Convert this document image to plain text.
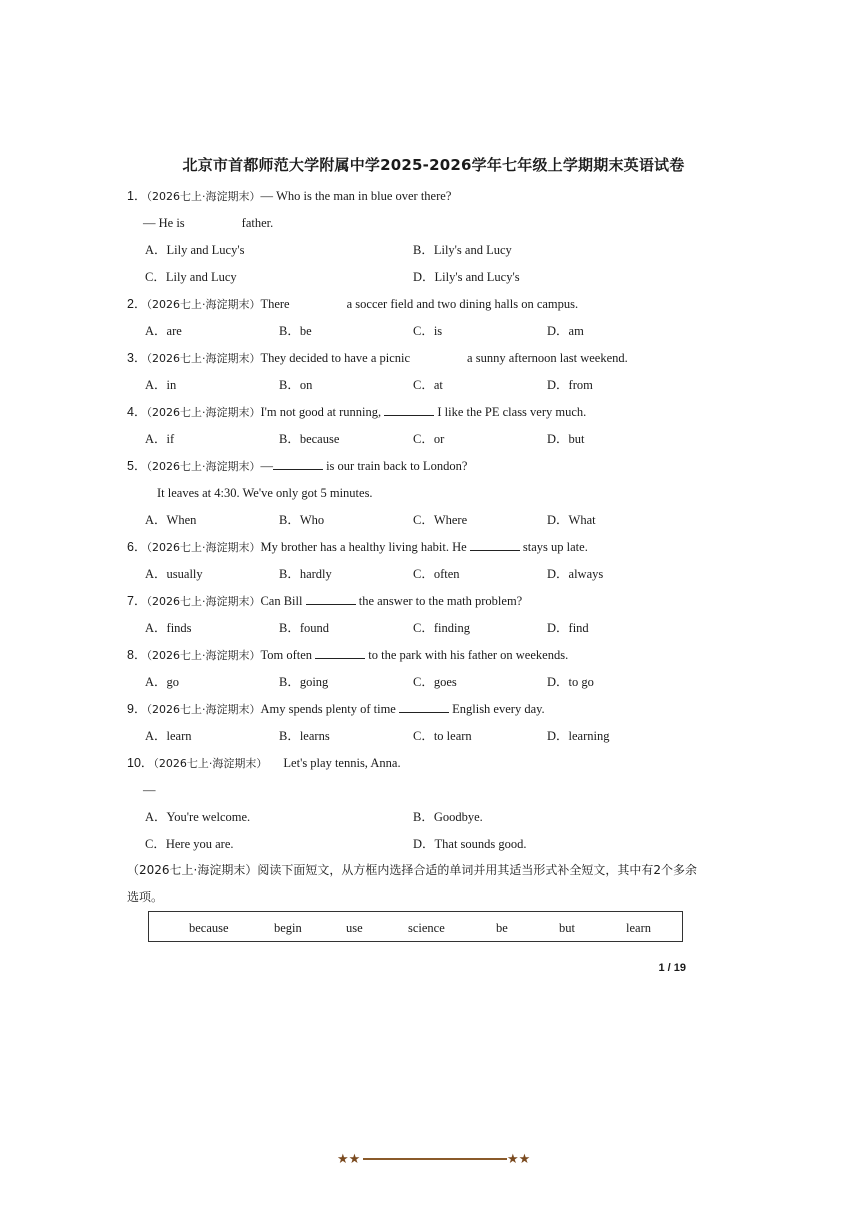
北京市首都师范大学附属中学2025-2026学年七年级上学期期末英语试卷
1．（2026七上·海淀期末）— Who is the man in blue over there?
— He is	father.
A．Lily and Lucy's	B．Lily's and Lucy
C．Lily and Lucy	D．Lily's and Lucy's
2．（2026七上·海淀期末）There	a soccer field and two dining halls on campus.
A．are	B．be	C．is	D．am
3．（2026七上·海淀期末）They decided to have a picnic	a sunny afternoon last weekend.
A．in	B．on	C．at	D．from
4．（2026七上·海淀期末）I'm not good at running,	I like the PE class very much.
A．if	B．because	C．or	D．but
5．（2026七上·海淀期末）—	is our train back to London?
It leaves at 4:30. We've only got 5 minutes.
A．When	B．Who	C．Where	D．What
6．（2026七上·海淀期末）My brother has a healthy living habit. He	stays up late.
A．usually	B．hardly	C．often	D．always
7．（2026七上·海淀期末）Can Bill	the answer to the math problem?
A．finds	B．found	C．finding	D．find
8．（2026七上·海淀期末）Tom often	to the park with his father on weekends.
A．go	B．going	C．goes	D．to go
9．（2026七上·海淀期末）Amy spends plenty of time	English every day.
A．learn	B．learns	C．to learn	D．learning
10．（2026七上·海淀期末） Let's play tennis, Anna.
—
A．You're welcome.	B．Goodbye.
C．Here you are.	D．That sounds good.
（2026七上·海淀期末）阅读下面短文，从方框内选择合适的单词并用其适当形式补全短文，其中有2个多余选项。
because	begin	use	science	be	but	learn
1 / 19
★★	★★
